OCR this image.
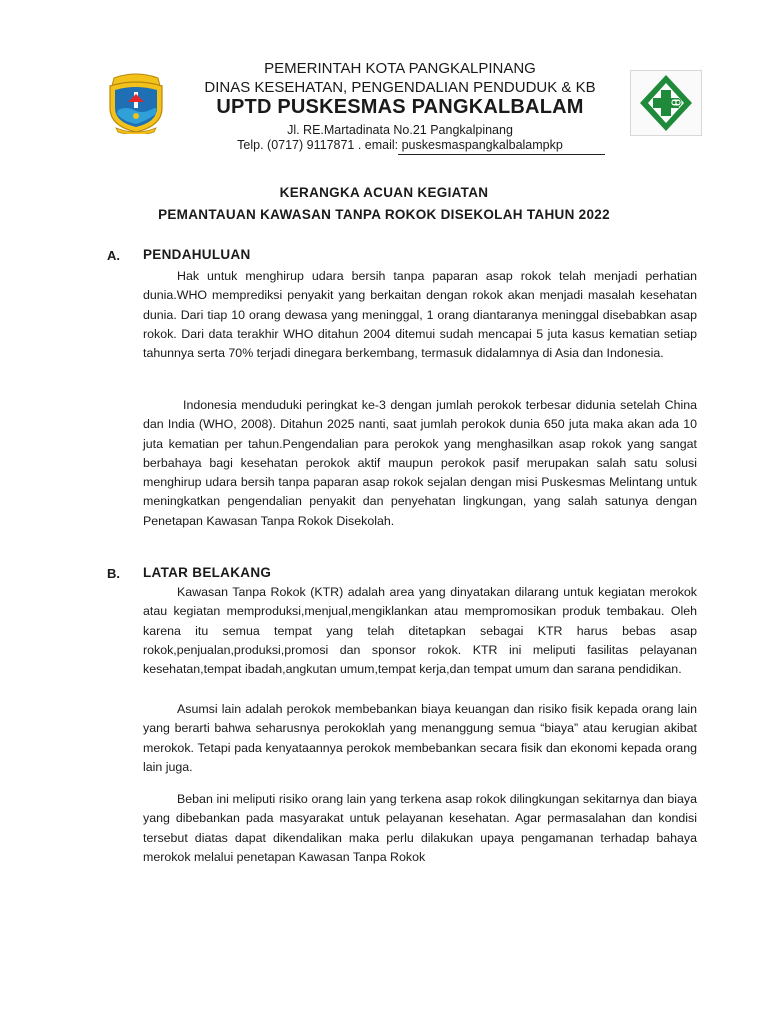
PEMERINTAH KOTA PANGKALPINANG
DINAS KESEHATAN, PENGENDALIAN PENDUDUK & KB
UPTD PUSKESMAS PANGKALBALAM
Jl. RE.Martadinata No.21 Pangkalpinang
Telp. (0717) 9117871 . email: puskesmaspangkalbalampkp
KERANGKA ACUAN KEGIATAN
PEMANTAUAN KAWASAN TANPA ROKOK DISEKOLAH TAHUN 2022
A. PENDAHULUAN
Hak untuk menghirup udara bersih tanpa paparan asap rokok telah menjadi perhatian dunia.WHO memprediksi penyakit yang berkaitan dengan rokok akan menjadi masalah kesehatan dunia. Dari tiap 10 orang dewasa yang meninggal, 1 orang diantaranya meninggal disebabkan asap rokok. Dari data terakhir WHO ditahun 2004 ditemui sudah mencapai 5 juta kasus kematian setiap tahunnya serta 70% terjadi dinegara berkembang, termasuk didalamnya di Asia dan Indonesia.
Indonesia menduduki peringkat ke-3 dengan jumlah perokok terbesar didunia setelah China dan India (WHO, 2008). Ditahun 2025 nanti, saat jumlah perokok dunia 650 juta maka akan ada 10 juta kematian per tahun.Pengendalian para perokok yang menghasilkan asap rokok yang sangat berbahaya bagi kesehatan perokok aktif maupun perokok pasif merupakan salah satu solusi menghirup udara bersih tanpa paparan asap rokok sejalan dengan misi Puskesmas Melintang untuk meningkatkan pengendalian penyakit dan penyehatan lingkungan, yang salah satunya dengan Penetapan Kawasan Tanpa Rokok Disekolah.
B. LATAR BELAKANG
Kawasan Tanpa Rokok (KTR) adalah area yang dinyatakan dilarang untuk kegiatan merokok atau kegiatan memproduksi,menjual,mengiklankan atau mempromosikan produk tembakau. Oleh karena itu semua tempat yang telah ditetapkan sebagai KTR harus bebas asap rokok,penjualan,produksi,promosi dan sponsor rokok. KTR ini meliputi fasilitas pelayanan kesehatan,tempat ibadah,angkutan umum,tempat kerja,dan tempat umum dan sarana pendidikan.
Asumsi lain adalah perokok membebankan biaya keuangan dan risiko fisik kepada orang lain yang berarti bahwa seharusnya perokoklah yang menanggung semua “biaya” atau kerugian akibat merokok. Tetapi pada kenyataannya perokok membebankan secara fisik dan ekonomi kepada orang lain juga.
Beban ini meliputi risiko orang lain yang terkena asap rokok dilingkungan sekitarnya dan biaya yang dibebankan pada masyarakat untuk pelayanan kesehatan. Agar permasalahan dan kondisi tersebut diatas dapat dikendalikan maka perlu dilakukan upaya pengamanan terhadap bahaya merokok melalui penetapan Kawasan Tanpa Rokok
